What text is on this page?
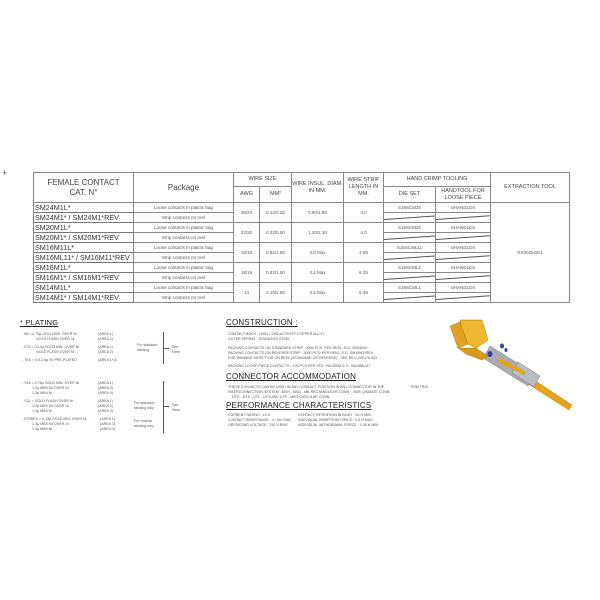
+
FEMALE CONTACT
CAT. N°	Package	WIRE SIZE		WIRE INSUL. DIAM. IN MM.	WIRE STRIP LENGTH IN MM.	HAND CRIMP TOOLING		EXTRACTION TOOL
		AWG	MM²			DIE SET	HANDTOOL FOR LOOSE PIECE	
SM24M1L*	Loose contacts in plastic bag	28/24	0.12/0.25	0.90/1.80	4.0	S16SCM20	SHANDLES	RX2025GE1
SM24M1* / SM24M1*REV	Strip contacts on reel						

SM20M1L*	Loose contacts in plastic bag	22/20	0.32/0.50	1.20/2.10	4.0	S16SCM20	SHANDLES	
SM20M1* / SM20M1*REV	Strip contacts on reel						

SM16M11L*	Loose contacts in plastic bag	18/16	0.82/1.50	3.0 Max	4.65	S16SCML11	SHANDLES	
SM16ML11* / SM16M11*REV	Strip contacts on reel						

SM16M1L*	Loose contacts in plastic bag	18/16	0.82/1.50	3.2 Max	6.35	S16SCML1	SHANDLES	
SM16M1* / SM16M1*REV	Strip contacts on reel						

SM14M1L*	Loose contacts in plastic bag	14	2.10/2.50	3.2 Max	6.35	S16SCML1	SHANDLES	
SM14M1* / SM14M1*REV	Strip contacts on reel						

* PLATING
- 66 = 0.75µ GOLD MIN. OVER Ni	(AREA 1)
GOLD FLASH OVER Ni	(AREA 2)
- 07S = 0.13µ GOLD MIN. OVER Ni	(AREA 1)
GOLD FLASH OVER Ni	(AREA 2)
- TK6 = 0.5-2.5µ Sn PRE-PLATED	(AREA 1+2)
For standard winding
See View
- S16 = 0.75µ GOLD MIN. OVER Ni	(AREA 1)
1.3µ MINI Sn OVER Ni	(AREA 3)
1.3µ MINI Ni	(AREA 4)
- S31 = GOLD FLASH OVER Ni	(AREA 1)
1.3µ MINI Sn OVER Ni	(AREA 3)
1.3µ MINI Ni	(AREA 4)
- 07SREV = 0.13µ GOLD MIN. OVER Ni	(AREA 1)
1.3µ MINI Sn OVER Ni	(AREA 3)
1.3µ MINI Ni	(AREA 4)
For standard winding only
For reverse winding only
See View
CONSTRUCTION :
CONTACT BODY : HIGH CONDUCTIVITY COPPER ALLOY
OUTER SPRING : STAINLESS STEEL
PACKING CONTACTS ON STANDARD STRIP : 3000 PCS. PER REEL, E.G. SM16M1*
PACKING CONTACTS ON REVERSE STRIP : 3000 PCS. PER REEL, E.G. SM16M1*REV
FOR WINDING DIRECTION ON REEL (STANDARD OR REVERSE) : SEE BS.C.200176.003
PACKING LOOSE PIECE CONTACTS : 100 PCS PER STD. PACKING E.G. SM16ML11*
CONNECTOR ACCOMMODATION
THESE CONTACTS CAN BE USED IN ANY CONTACT POSITION IN ANY CONNECTOR IN THE
INTERCONNECTION SYSTEM : MSH - MSG - MB RECTANGULAR CONN. , SMS QIKMATE CONN.
UTG - UTS - UTL - UTO AND UTP - MBO CIRCULAR CONN.
TRIM TRIO
PERFORMANCE CHARACTERISTICS
CURRENT RATING : 13 A
CONTACT RESISTANCE : <= 6m Ohm
OPERATING VOLTAGE : 750 V RMS
CONTACT RETENTION IN BODY : 60 N MIN.
INDIVIDUAL INSERTION FORCE : 3.5 N MAX.
INDIVIDUAL WITHDRAWAL FORCE : 0.35 N MIN.
